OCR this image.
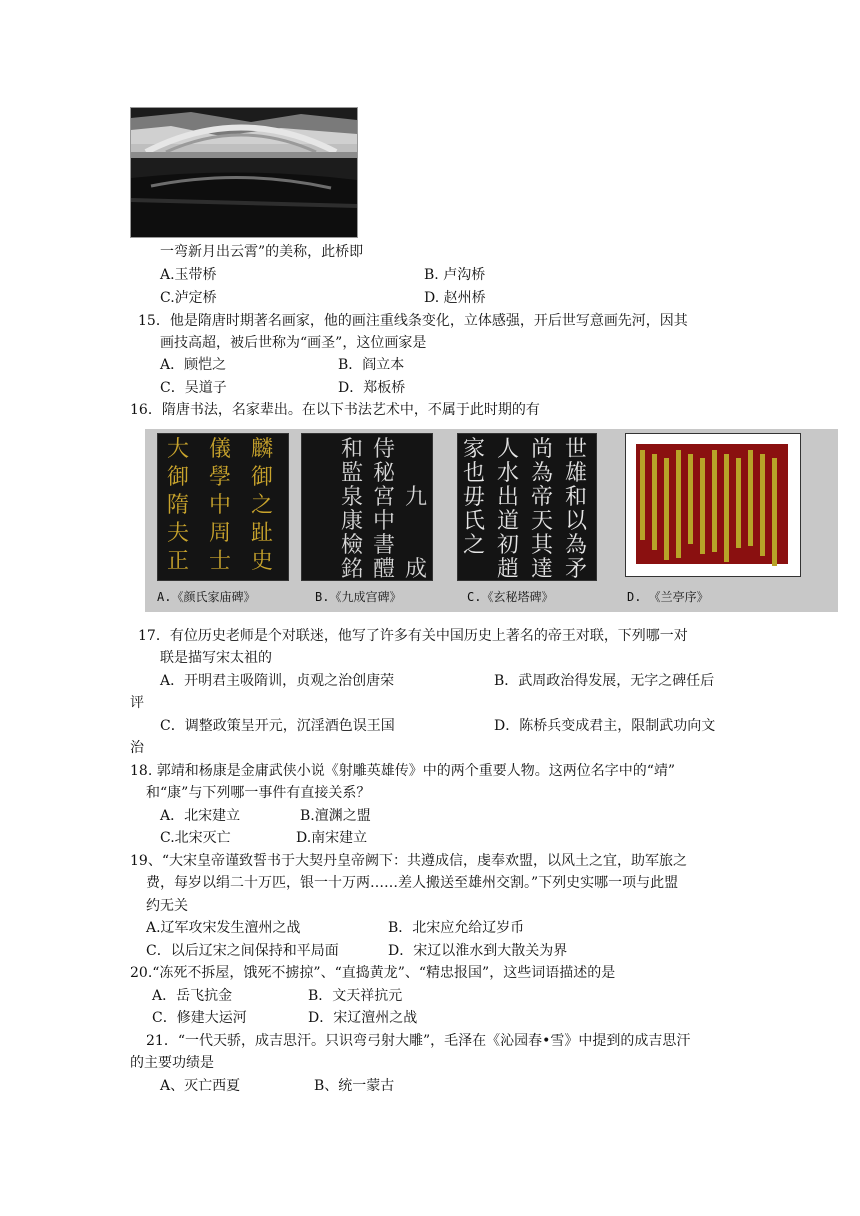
一弯新月出云霄”的美称，此桥即
A.玉带桥	B. 卢沟桥
C.泸定桥	D. 赵州桥
15．他是隋唐时期著名画家，他的画注重线条变化，立体感强，开后世写意画先河，因其
画技高超，被后世称为“画圣”，这位画家是
A．顾恺之	B．阎立本
C．吴道子	D．郑板桥
16．隋唐书法，名家辈出。在以下书法艺术中，不属于此时期的有
麟
御
之
趾
史
儀
學
中
周
士
大
御
隋
夫
正
九
成
侍
秘
宮
中
書
醴
和
監
泉
康
檢
銘
世
雄
和
以
為
矛
尚
為
帝
天
其
達
人
水
出
道
初
趙
家
也
毋
氏
之
A.《颜氏家庙碑》	B.《九成宫碑》	C.《玄秘塔碑》	D. 《兰亭序》
17．有位历史老师是个对联迷，他写了许多有关中国历史上著名的帝王对联，下列哪一对
联是描写宋太祖的
A．开明君主吸隋训，贞观之治创唐荣	B．武周政治得发展，无字之碑任后
评
C．调整政策呈开元，沉淫酒色误王国	D．陈桥兵变成君主，限制武功向文
治
18. 郭靖和杨康是金庸武侠小说《射雕英雄传》中的两个重要人物。这两位名字中的“靖”
和“康”与下列哪一事件有直接关系？
A．北宋建立	B.澶渊之盟
C.北宋灭亡	D.南宋建立
19、“大宋皇帝谨致誓书于大契丹皇帝阙下：共遵成信，虔奉欢盟，以风土之宜，助军旅之
费，每岁以绢二十万匹，银一十万两……差人搬送至雄州交割。”下列史实哪一项与此盟
约无关
A.辽军攻宋发生澶州之战	B．北宋应允给辽岁币
C．以后辽宋之间保持和平局面	D．宋辽以淮水到大散关为界
20.“冻死不拆屋，饿死不掳掠”、“直捣黄龙”、“精忠报国”，这些词语描述的是
A．岳飞抗金	B．文天祥抗元
C．修建大运河	D．宋辽澶州之战
21．“一代天骄，成吉思汗。只识弯弓射大雕”，毛泽在《沁园春•雪》中提到的成吉思汗
的主要功绩是
A、灭亡西夏	B、统一蒙古
